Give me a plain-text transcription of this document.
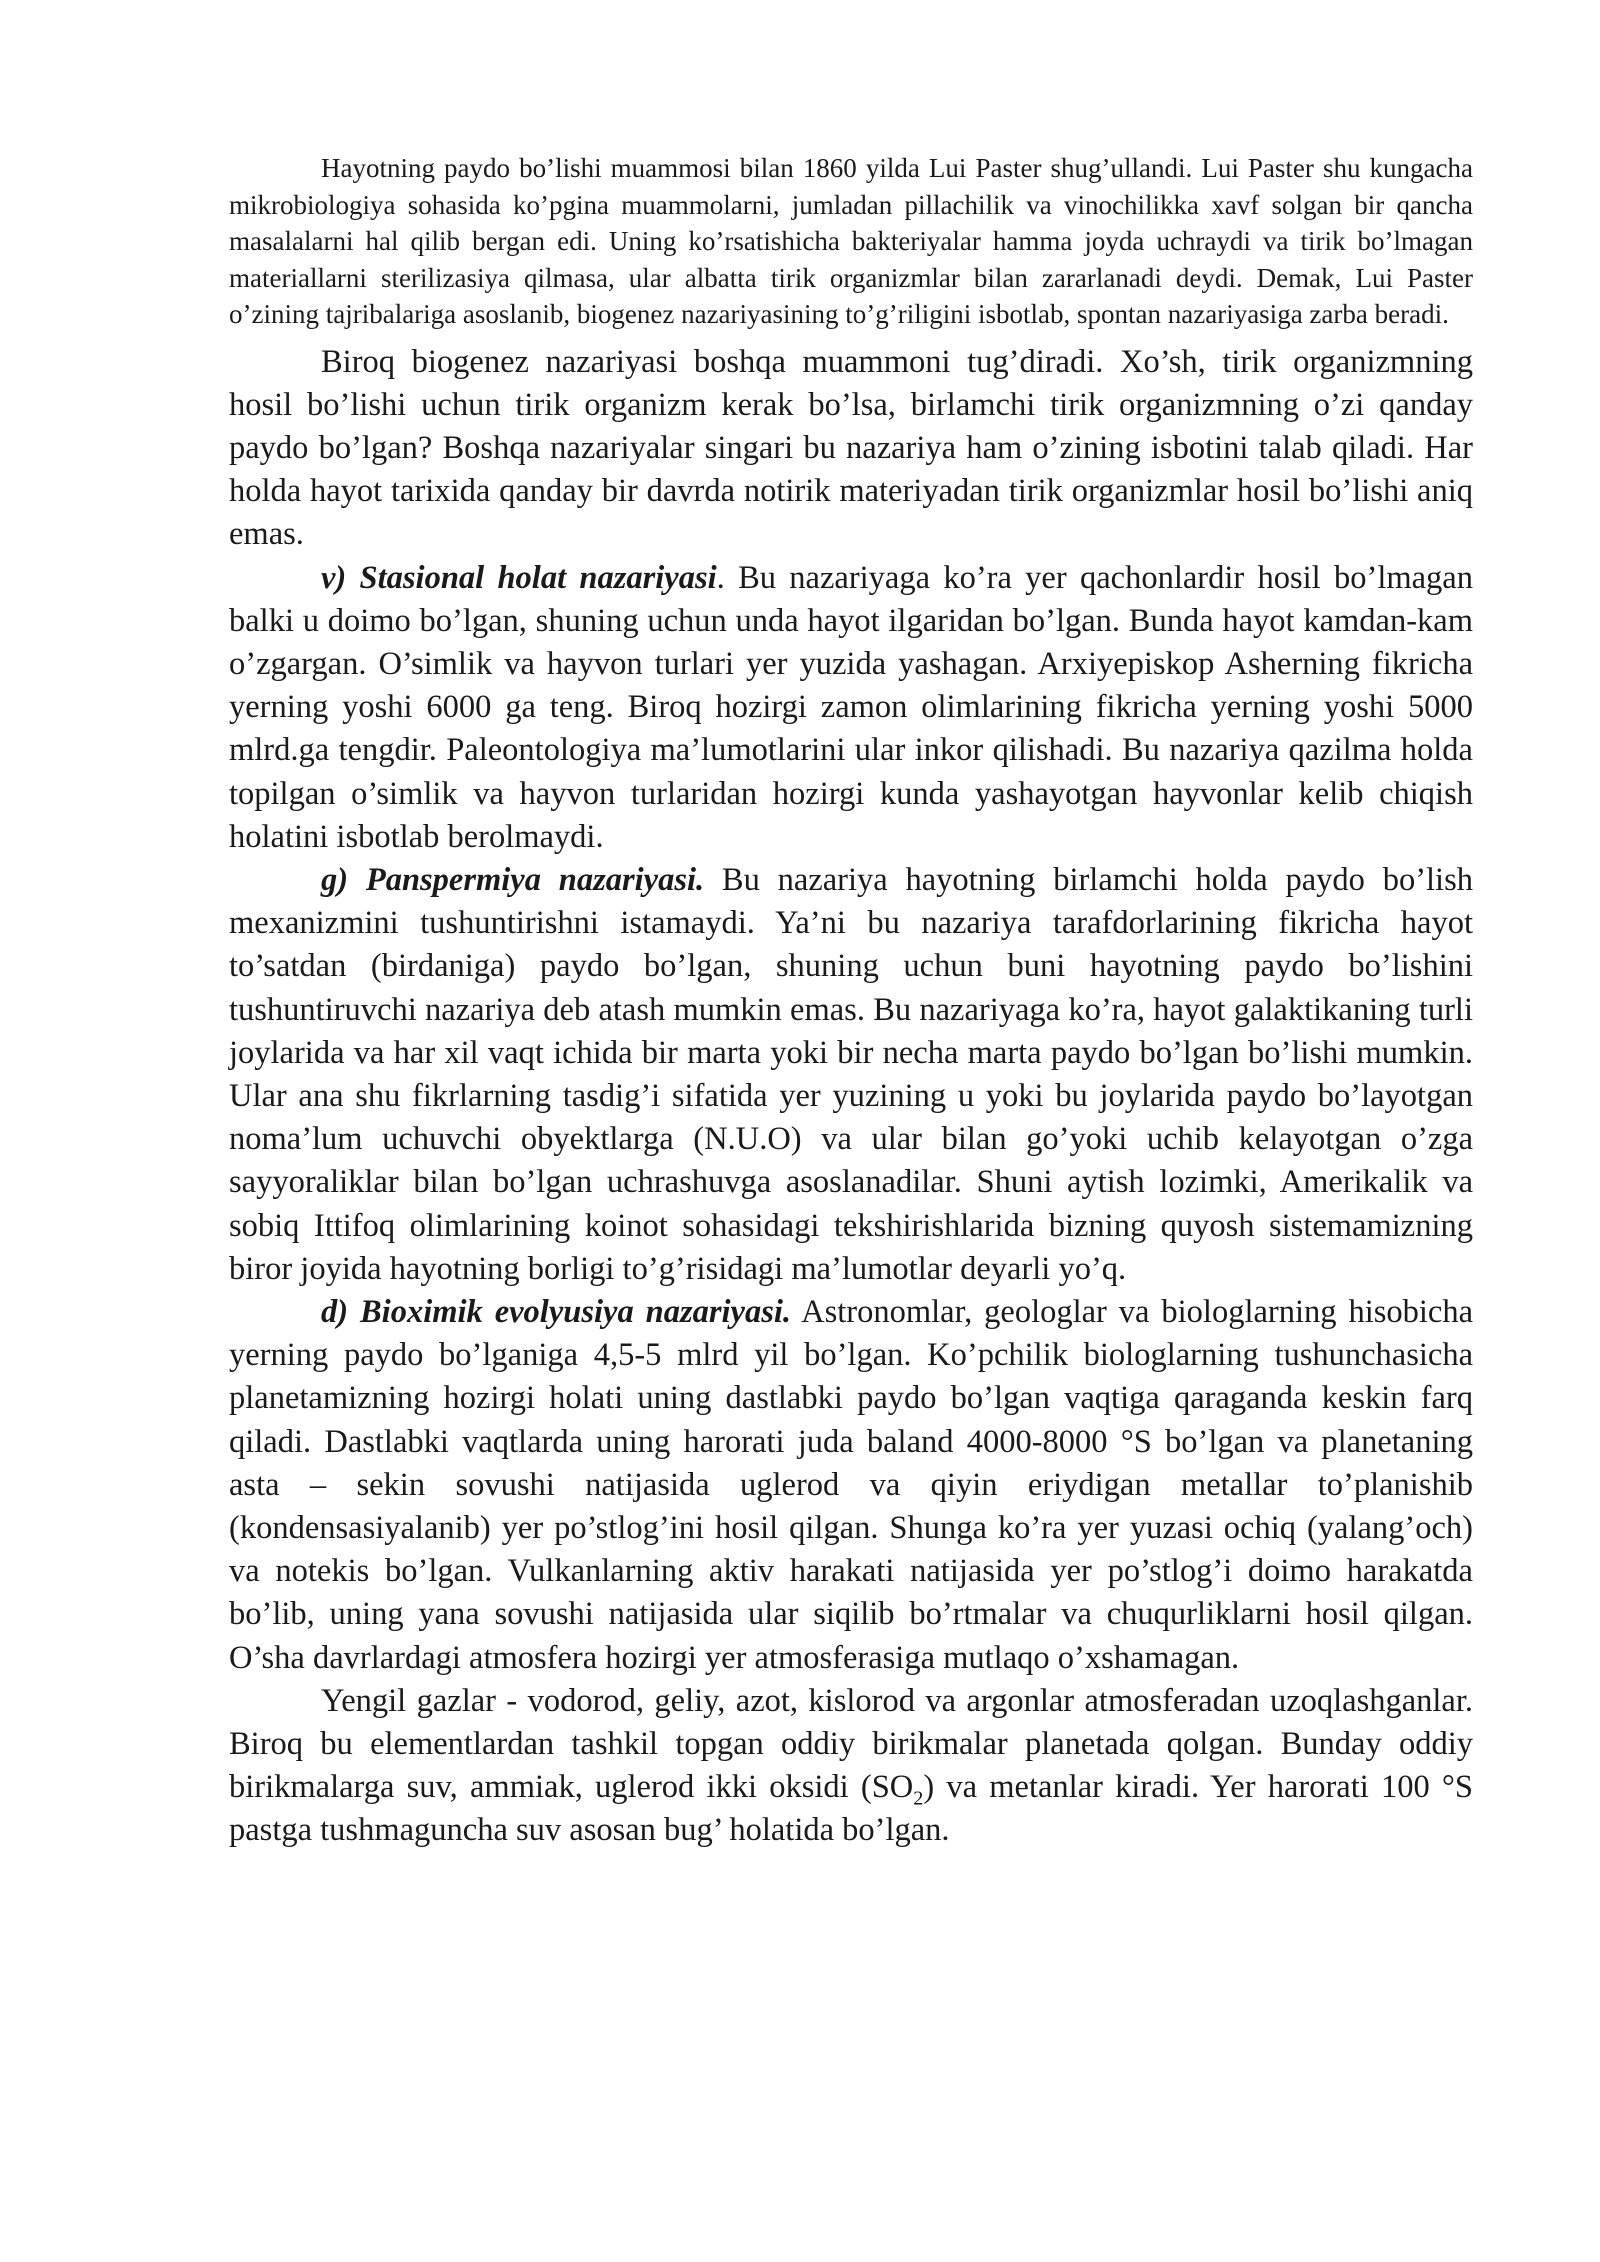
Hayotning paydo bo’lishi muammosi bilan 1860 yilda Lui Paster shug’ullandi. Lui Paster shu kungacha mikrobiologiya sohasida ko’pgina muammolarni, jumladan pillachilik va vinochilikka xavf solgan bir qancha masalalarni hal qilib bergan edi. Uning ko’rsatishicha bakteriyalar hamma joyda uchraydi va tirik bo’lmagan materiallarni sterilizasiya qilmasa, ular albatta tirik organizmlar bilan zararlanadi deydi. Demak, Lui Paster o’zining tajribalariga asoslanib, biogenez nazariyasining to’g’riligini isbotlab, spontan nazariyasiga zarba beradi.

Biroq biogenez nazariyasi boshqa muammoni tug’diradi. Xo’sh, tirik organizmning hosil bo’lishi uchun tirik organizm kerak bo’lsa, birlamchi tirik organizmning o’zi qanday paydo bo’lgan? Boshqa nazariyalar singari bu nazariya ham o’zining isbotini talab qiladi. Har holda hayot tarixida qanday bir davrda notirik materiyadan tirik organizmlar hosil bo’lishi aniq emas.

v) Stasional holat nazariyasi. Bu nazariyaga ko’ra yer qachonlardir hosil bo’lmagan balki u doimo bo’lgan, shuning uchun unda hayot ilgaridan bo’lgan. Bunda hayot kamdan-kam o’zgargan. O’simlik va hayvon turlari yer yuzida yashagan. Arxiyepiskop Asherning fikricha yerning yoshi 6000 ga teng. Biroq hozirgi zamon olimlarining fikricha yerning yoshi 5000 mlrd.ga tengdir. Paleontologiya ma’lumotlarini ular inkor qilishadi. Bu nazariya qazilma holda topilgan o’simlik va hayvon turlaridan hozirgi kunda yashayotgan hayvonlar kelib chiqish holatini isbotlab berolmaydi.

g) Panspermiya nazariyasi. Bu nazariya hayotning birlamchi holda paydo bo’lish mexanizmini tushuntirishni istamaydi. Ya’ni bu nazariya tarafdorlarining fikricha hayot to’satdan (birdaniga) paydo bo’lgan, shuning uchun buni hayotning paydo bo’lishini tushuntiruvchi nazariya deb atash mumkin emas. Bu nazariyaga ko’ra, hayot galaktikaning turli joylarida va har xil vaqt ichida bir marta yoki bir necha marta paydo bo’lgan bo’lishi mumkin. Ular ana shu fikrlarning tasdig’i sifatida yer yuzining u yoki bu joylarida paydo bo’layotgan noma’lum uchuvchi obyektlarga (N.U.O) va ular bilan go’yoki uchib kelayotgan o’zga sayyoraliklar bilan bo’lgan uchrashuvga asoslanadilar. Shuni aytish lozimki, Amerikalik va sobiq Ittifoq olimlarining koinot sohasidagi tekshirishlarida bizning quyosh sistemamizning biror joyida hayotning borligi to’g’risidagi ma’lumotlar deyarli yo’q.

d) Bioximik evolyusiya nazariyasi. Astronomlar, geologlar va biologlarning hisobicha yerning paydo bo’lganiga 4,5-5 mlrd yil bo’lgan. Ko’pchilik biologlarning tushunchasicha planetamizning hozirgi holati uning dastlabki paydo bo’lgan vaqtiga qaraganda keskin farq qiladi. Dastlabki vaqtlarda uning harorati juda baland 4000-8000 °S bo’lgan va planetaning asta – sekin sovushi natijasida uglerod va qiyin eriydigan metallar to’planishib (kondensasiyalanib) yer po’stlog’ini hosil qilgan. Shunga ko’ra yer yuzasi ochiq (yalang’och) va notekis bo’lgan. Vulkanlarning aktiv harakati natijasida yer po’stlog’i doimo harakatda bo’lib, uning yana sovushi natijasida ular siqilib bo’rtmalar va chuqurliklarni hosil qilgan. O’sha davrlardagi atmosfera hozirgi yer atmosferasiga mutlaqo o’xshamagan.

Yengil gazlar - vodorod, geliy, azot, kislorod va argonlar atmosferadan uzoqlashganlar. Biroq bu elementlardan tashkil topgan oddiy birikmalar planetada qolgan. Bunday oddiy birikmalarga suv, ammiak, uglerod ikki oksidi $(SO_2)$ va metanlar kiradi. Yer harorati 100 °S pastga tushmaguncha suv asosan bug’ holatida bo’lgan.
